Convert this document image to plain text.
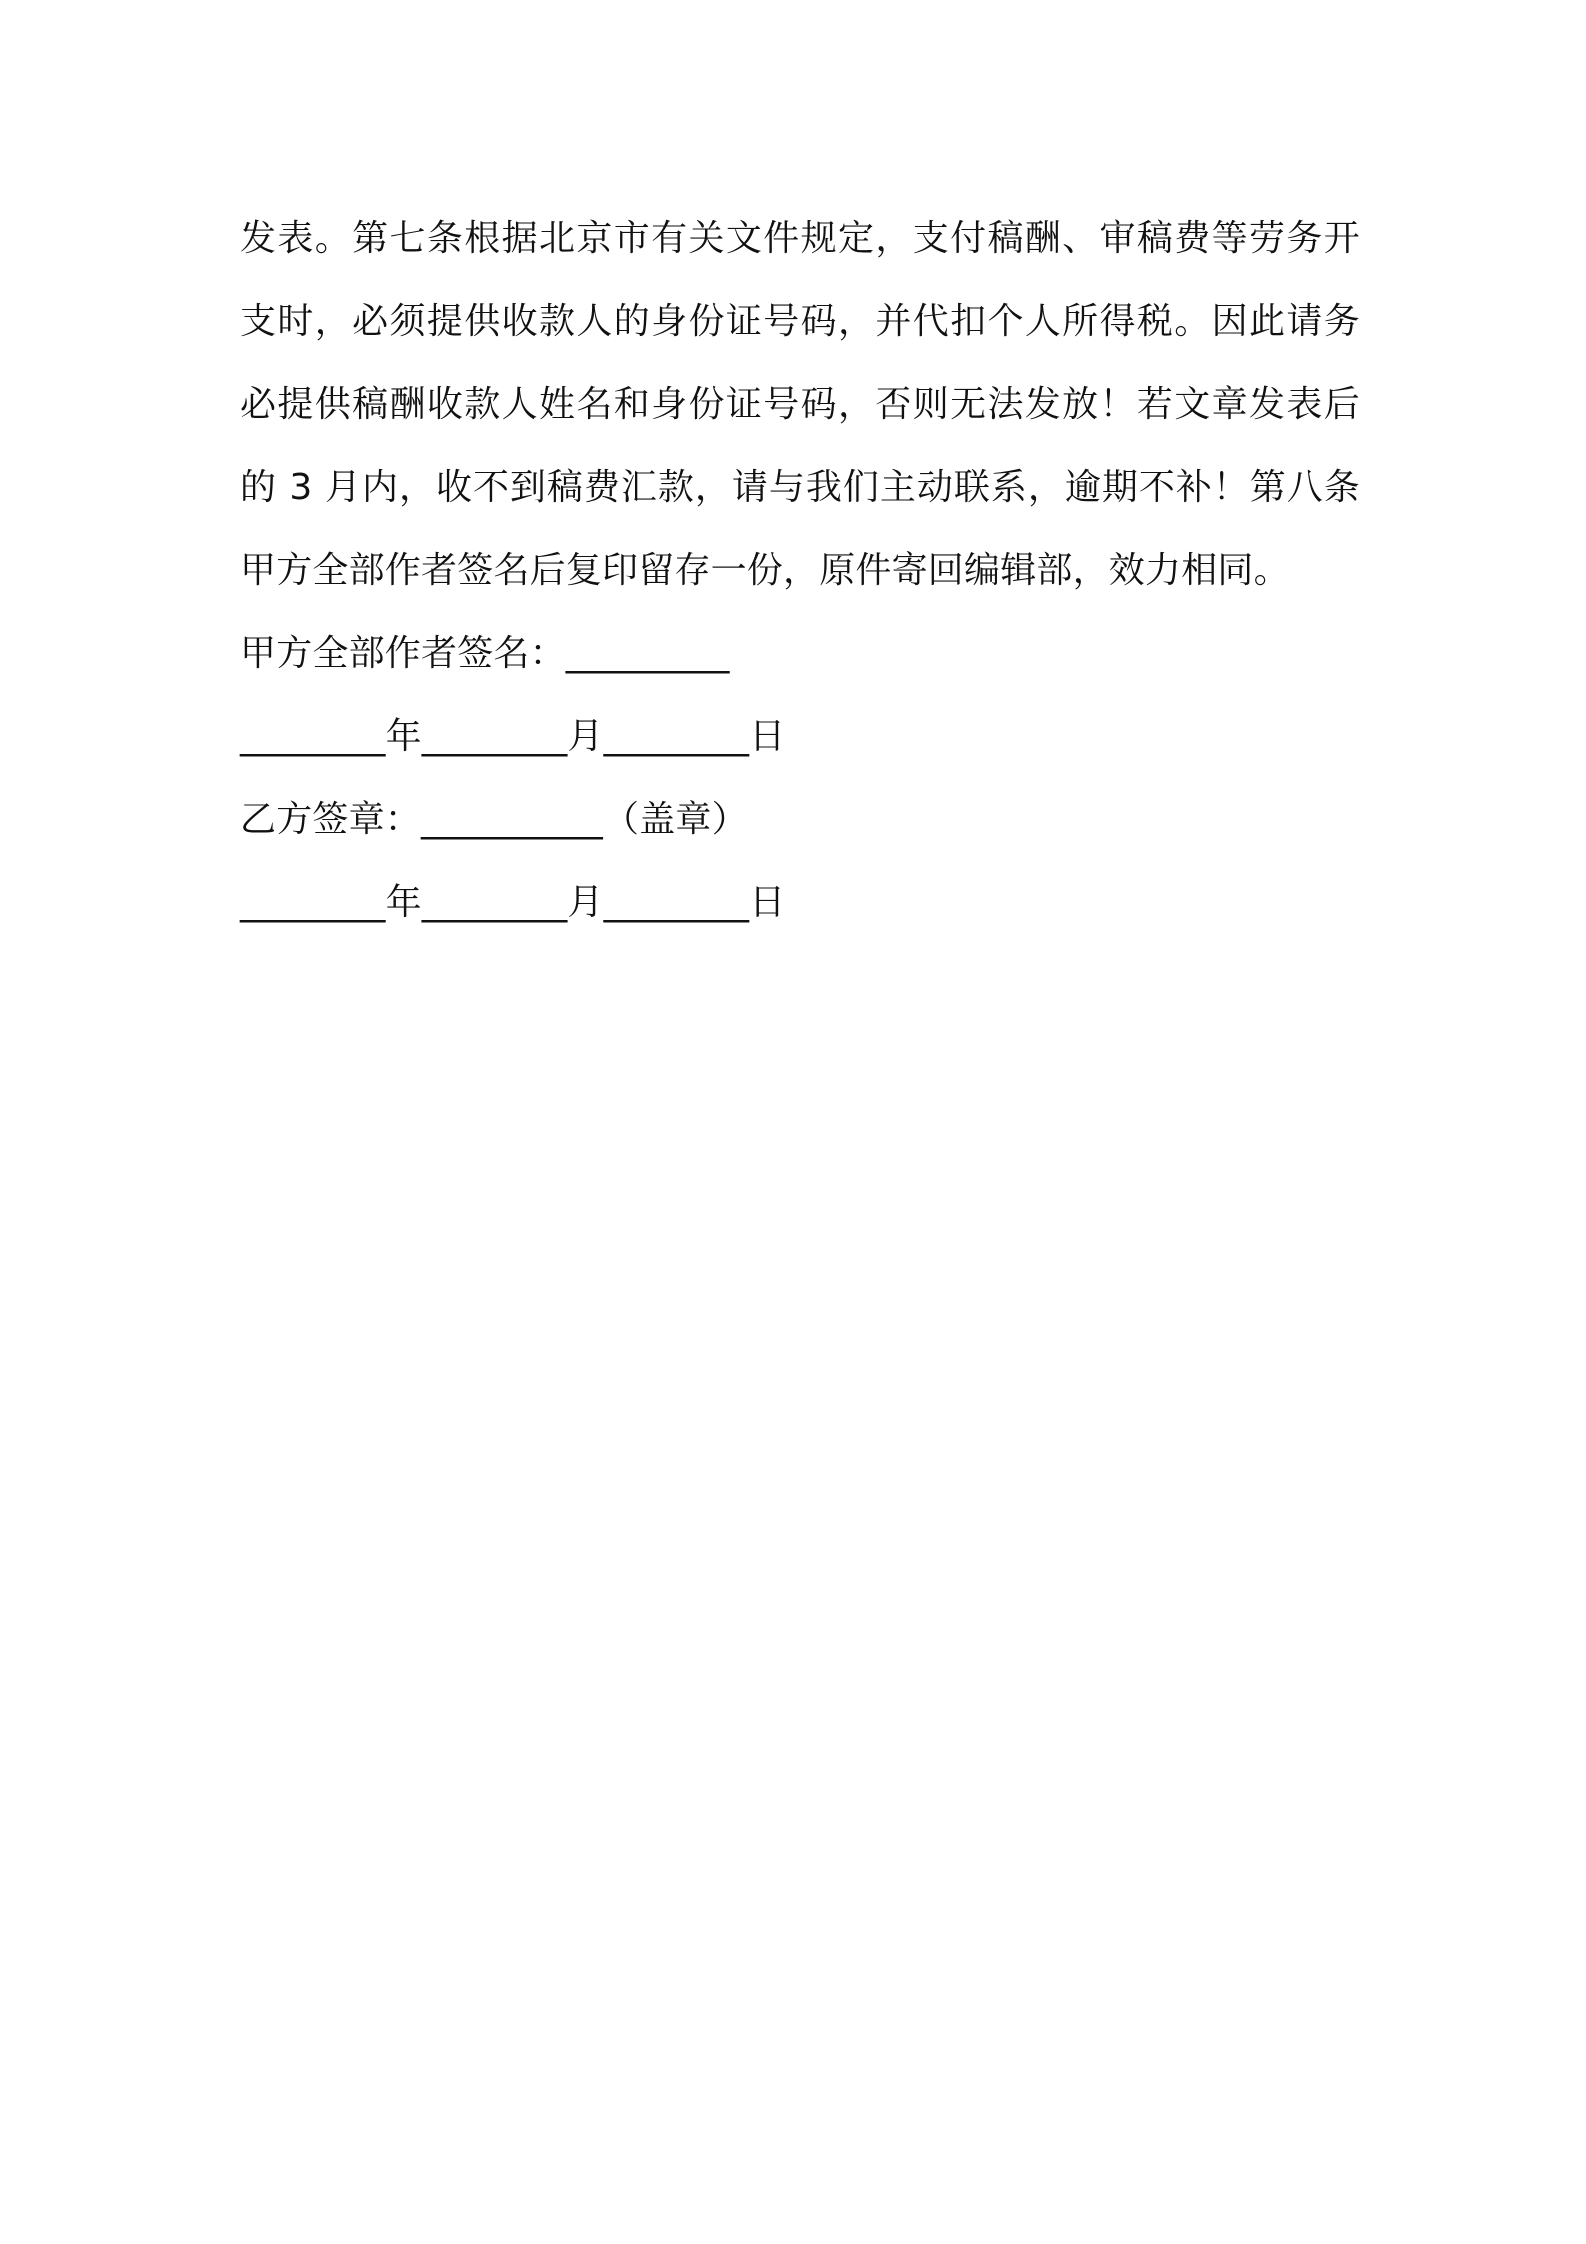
发表。第七条根据北京市有关文件规定，支付稿酬、审稿费等劳务开
支时，必须提供收款人的身份证号码，并代扣个人所得税。因此请务
必提供稿酬收款人姓名和身份证号码，否则无法发放！若文章发表后
的 3 月内，收不到稿费汇款，请与我们主动联系，逾期不补！第八条
甲方全部作者签名后复印留存一份，原件寄回编辑部，效力相同。
甲方全部作者签名：_________
________年________月________日
乙方签章：__________（盖章）
________年________月________日
